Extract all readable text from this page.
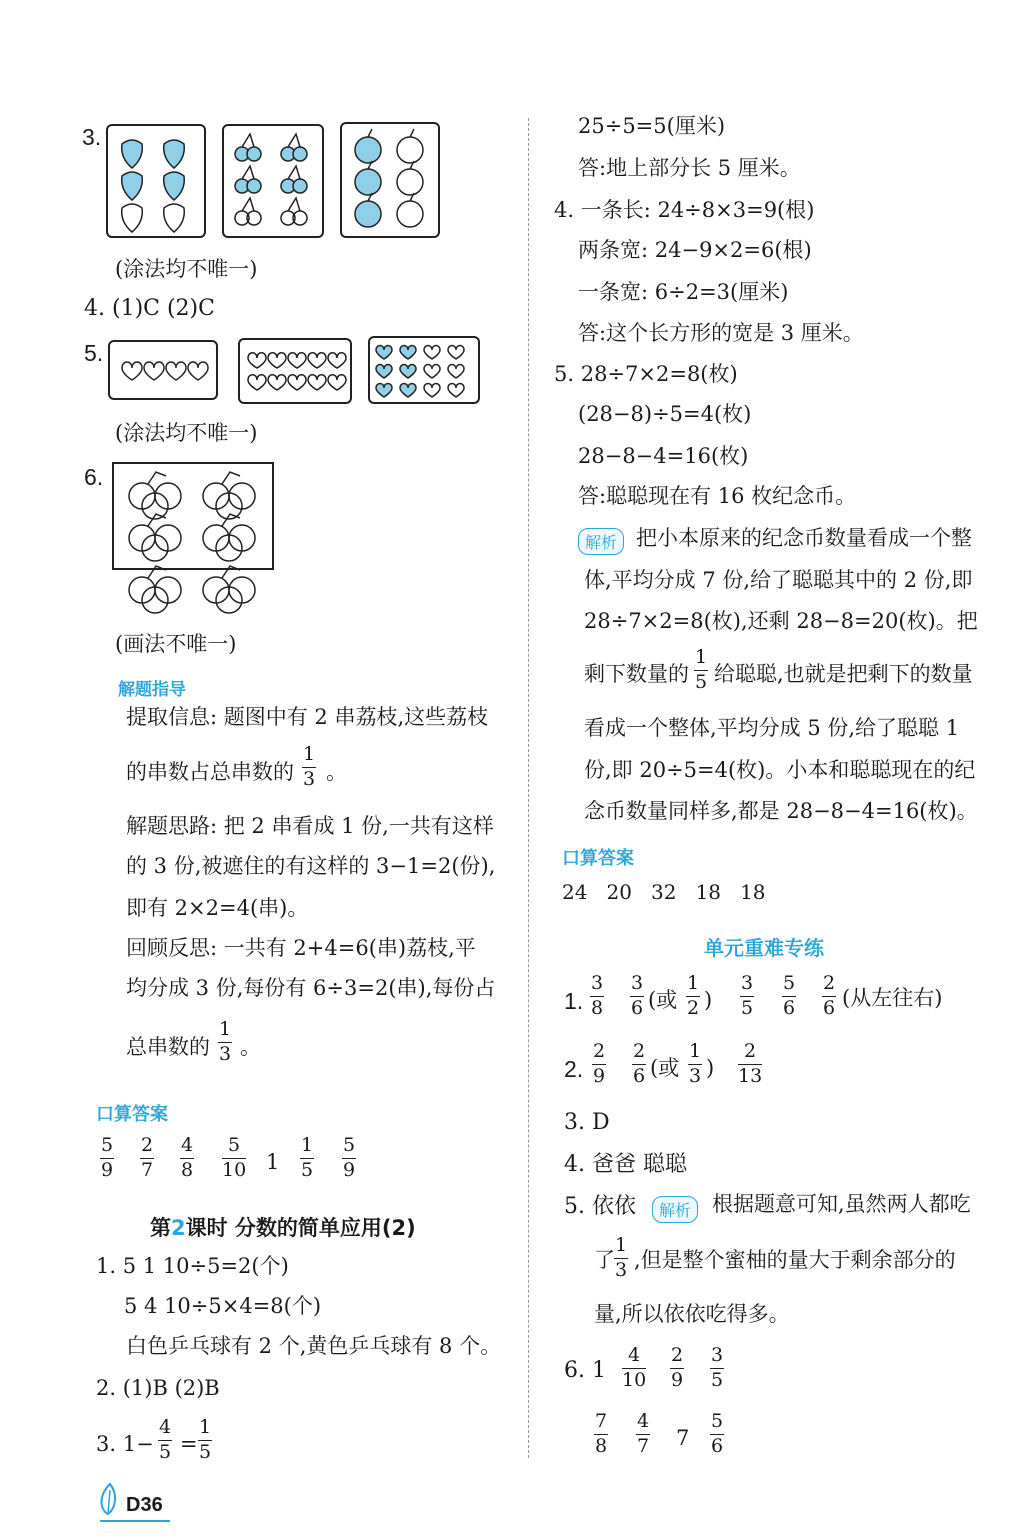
3.
(涂法均不唯一)
4. (1)C (2)C
5.
(涂法均不唯一)
6.
(画法不唯一)
解题指导
提取信息: 题图中有 2 串荔枝,这些荔枝
的串数占总串数的
1
3 。
解题思路: 把 2 串看成 1 份,一共有这样
的 3 份,被遮住的有这样的 3−1=2(份),
即有 2×2=4(串)。
回顾反思: 一共有 2+4=6(串)荔枝,平
均分成 3 份,每份有 6÷3=2(串),每份占
总串数的
1
3 。
口算答案
5
9
2
7
4
8
5
10 1
1
5
5
9
第2课时 分数的简单应用(2)
1. 5 1 10÷5=2(个)
5 4 10÷5×4=8(个)
白色乒乓球有 2 个,黄色乒乓球有 8 个。
2. (1)B (2)B
3. 1−
4
5 =
1
5
D36
25÷5=5(厘米)
答:地上部分长 5 厘米。
4. 一条长: 24÷8×3=9(根)
两条宽: 24−9×2=6(根)
一条宽: 6÷2=3(厘米)
答:这个长方形的宽是 3 厘米。
5. 28÷7×2=8(枚)
(28−8)÷5=4(枚)
28−8−4=16(枚)
答:聪聪现在有 16 枚纪念币。
解析 把小本原来的纪念币数量看成一个整
体,平均分成 7 份,给了聪聪其中的 2 份,即
28÷7×2=8(枚),还剩 28−8=20(枚)。把
剩下数量的
1
5 给聪聪,也就是把剩下的数量
看成一个整体,平均分成 5 份,给了聪聪 1
份,即 20÷5=4(枚)。小本和聪聪现在的纪
念币数量同样多,都是 28−8−4=16(枚)。
口算答案
24   20   32   18   18
单元重难专练
1.
3
8
3
6 (或
1
2 )
3
5
5
6
2
6 (从左往右)
2.
2
9
2
6 (或
1
3 )
2
13
3. D
4. 爸爸 聪聪
5. 依依	解析 根据题意可知,虽然两人都吃
了
1
3 ,但是整个蜜柚的量大于剩余部分的
量,所以依依吃得多。
6. 1
4
10
2
9
3
5
7
8
4
7 7
5
6
